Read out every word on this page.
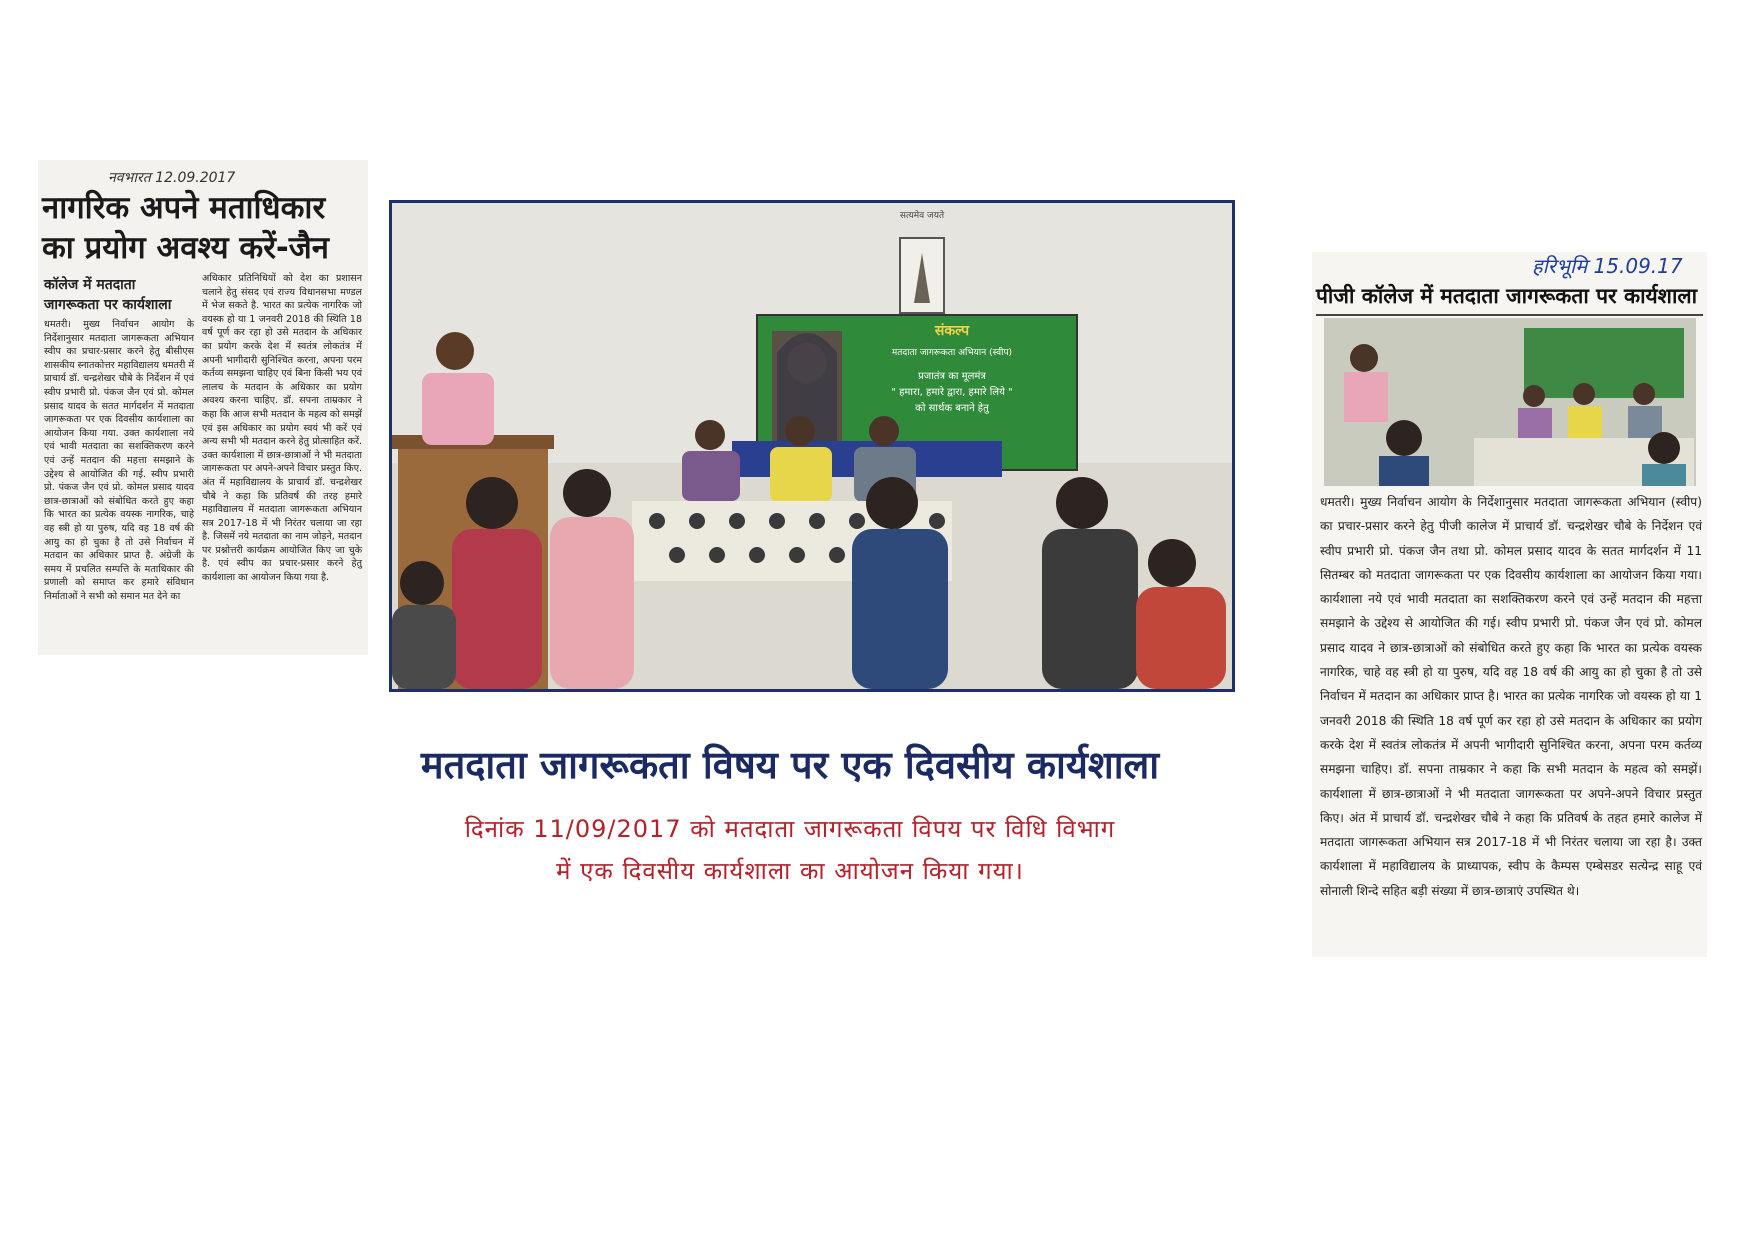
नवभारत 12.09.2017
नागरिक अपने मताधिकार का प्रयोग अवश्य करें-जैन
कॉलेज में मतदाता जागरूकता पर कार्यशाला
धमतरी। मुख्य निर्वाचन आयोग के निर्देशानुसार मतदाता जागरूकता अभियान स्वीप का प्रचार-प्रसार करने हेतु बीसीएस शासकीय स्नातकोत्तर महाविद्यालय धमतरी में प्राचार्य डॉ. चन्द्रशेखर चौबे के निर्देशन में एवं स्वीप प्रभारी प्रो. पंकज जैन एवं प्रो. कोमल प्रसाद यादव के सतत मार्गदर्शन में मतदाता जागरूकता पर एक दिवसीय कार्यशाला का आयोजन किया गया. उक्त कार्यशाला नये एवं भावी मतदाता का सशक्तिकरण करने एवं उन्हें मतदान की महत्ता समझाने के उद्देश्य से आयोजित की गई. स्वीप प्रभारी प्रो. पंकज जैन एवं प्रो. कोमल प्रसाद यादव छात्र-छात्राओं को संबोधित करते हुए कहा कि भारत का प्रत्येक वयस्क नागरिक, चाहे वह स्त्री हो या पुरुष, यदि वह 18 वर्ष की आयु का हो चुका है तो उसे निर्वाचन में मतदान का अधिकार प्राप्त है. अंग्रेजी के समय में प्रचलित सम्पत्ति के मताधिकार की प्रणाली को समाप्त कर हमारे संविधान निर्माताओं ने सभी को समान मत देने का
अधिकार प्रतिनिधियों को देश का प्रशासन चलाने हेतु संसद एवं राज्य विधानसभा मण्डल में भेज सकते है. भारत का प्रत्येक नागरिक जो वयस्क हो या 1 जनवरी 2018 की स्थिति 18 वर्ष पूर्ण कर रहा हो उसे मतदान के अधिकार का प्रयोग करके देश में स्वतंत्र लोकतंत्र में अपनी भागीदारी सुनिश्चित करना, अपना परम कर्तव्य समझना चाहिए एवं बिना किसी भय एवं लालच के मतदान के अधिकार का प्रयोग अवश्य करना चाहिए. डॉ. सपना ताम्रकार ने कहा कि आज सभी मतदान के महत्व को समझें एवं इस अधिकार का प्रयोग स्वयं भी करें एवं अन्य सभी भी मतदान करने हेतु प्रोत्साहित करें. उक्त कार्यशाला में छात्र-छात्राओं ने भी मतदाता जागरूकता पर अपने-अपने विचार प्रस्तुत किए. अंत में महाविद्यालय के प्राचार्य डॉ. चन्द्रशेखर चौबे ने कहा कि प्रतिवर्ष की तरह हमारे महाविद्यालय में मतदाता जागरूकता अभियान सत्र 2017-18 में भी निरंतर चलाया जा रहा है. जिसमें नये मतदाता का नाम जोड़ने, मतदान पर प्रश्नोत्तरी कार्यक्रम आयोजित किए जा चुके है. एवं स्वीप का प्रचार-प्रसार करने हेतु कार्यशाला का आयोजन किया गया है.
सत्यमेव जयते
संकल्प
मतदाता जागरूकता अभियान (स्वीप)
प्रजातंत्र का मूलमंत्र
" हमारा, हमारे द्वारा, हमारे लिये "
को सार्थक बनाने हेतु
हरिभूमि 15.09.17
पीजी कॉलेज में मतदाता जागरूकता पर कार्यशाला
धमतरी। मुख्य निर्वाचन आयोग के निर्देशानुसार मतदाता जागरूकता अभियान (स्वीप) का प्रचार-प्रसार करने हेतु पीजी कालेज में प्राचार्य डॉ. चन्द्रशेखर चौबे के निर्देशन एवं स्वीप प्रभारी प्रो. पंकज जैन तथा प्रो. कोमल प्रसाद यादव के सतत मार्गदर्शन में 11 सितम्बर को मतदाता जागरूकता पर एक दिवसीय कार्यशाला का आयोजन किया गया। कार्यशाला नये एवं भावी मतदाता का सशक्तिकरण करने एवं उन्हें मतदान की महत्ता समझाने के उद्देश्य से आयोजित की गई। स्वीप प्रभारी प्रो. पंकज जैन एवं प्रो. कोमल प्रसाद यादव ने छात्र-छात्राओं को संबोधित करते हुए कहा कि भारत का प्रत्येक वयस्क नागरिक, चाहे वह स्त्री हो या पुरुष, यदि वह 18 वर्ष की आयु का हो चुका है तो उसे निर्वाचन में मतदान का अधिकार प्राप्त है। भारत का प्रत्येक नागरिक जो वयस्क हो या 1 जनवरी 2018 की स्थिति 18 वर्ष पूर्ण कर रहा हो उसे मतदान के अधिकार का प्रयोग करके देश में स्वतंत्र लोकतंत्र में अपनी भागीदारी सुनिश्चित करना, अपना परम कर्तव्य समझना चाहिए। डॉ. सपना ताम्रकार ने कहा कि सभी मतदान के महत्व को समझें। कार्यशाला में छात्र-छात्राओं ने भी मतदाता जागरूकता पर अपने-अपने विचार प्रस्तुत किए। अंत में प्राचार्य डॉ. चन्द्रशेखर चौबे ने कहा कि प्रतिवर्ष के तहत हमारे कालेज में मतदाता जागरूकता अभियान सत्र 2017-18 में भी निरंतर चलाया जा रहा है। उक्त कार्यशाला में महाविद्यालय के प्राध्यापक, स्वीप के कैम्पस एम्बेसडर सत्येन्द्र साहू एवं सोनाली शिन्दे सहित बड़ी संख्या में छात्र-छात्राएं उपस्थित थे।
मतदाता जागरूकता विषय पर एक दिवसीय कार्यशाला
दिनांक 11/09/2017 को मतदाता जागरूकता विपय पर विधि विभाग
में एक दिवसीय कार्यशाला का आयोजन किया गया।
